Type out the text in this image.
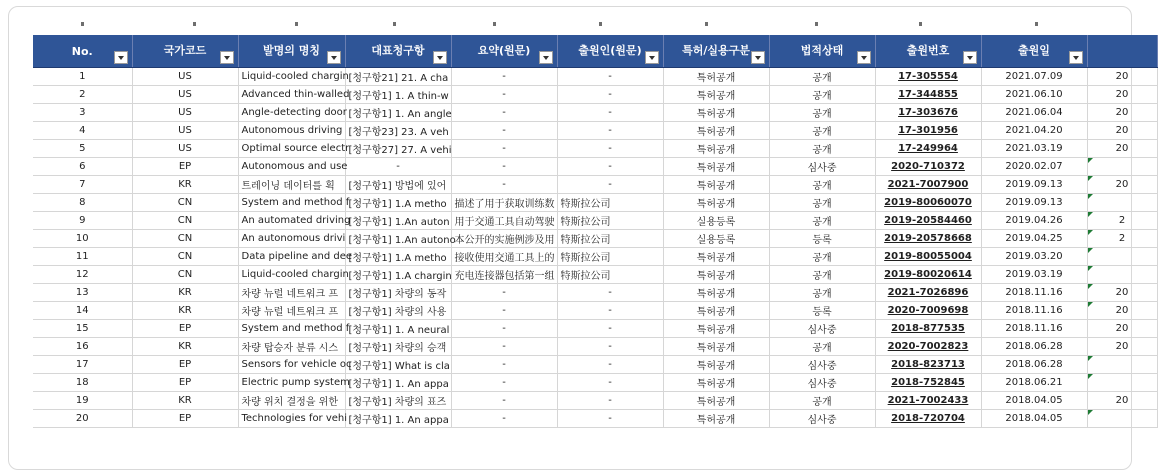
No.	국가코드	발명의 명칭	대표청구항	요약(원문)	출원인(원문)	특허/실용구분	법적상태	출원번호	출원일

1	US	Liquid-cooled chargin	[청구항21] 21. A cha	-	-	특허공개	공개	17-305554	2021.07.09	20
2	US	Advanced thin-walled	[청구항1] 1. A thin-w	-	-	특허공개	공개	17-344855	2021.06.10	20
3	US	Angle-detecting door	[청구항1] 1. An angle	-	-	특허공개	공개	17-303676	2021.06.04	20
4	US	Autonomous driving	[청구항23] 23. A veh	-	-	특허공개	공개	17-301956	2021.04.20	20
5	US	Optimal source electr	[청구항27] 27. A vehi	-	-	특허공개	공개	17-249964	2021.03.19	20
6	EP	Autonomous and use	-	-	-	특허공개	심사중	2020-710372	2020.02.07	

7	KR	트레이닝 데이터를 획	[청구항1] 방법에 있어	-	-	특허공개	공개	2021-7007900	2019.09.13	20
8	CN	System and method f	[청구항1] 1.A metho	描述了用于获取训练数	特斯拉公司	특허공개	공개	2019-80060070	2019.09.13	

9	CN	An automated driving	[청구항1] 1.An auton	用于交通工具自动驾驶	特斯拉公司	실용등록	공개	2019-20584460	2019.04.26	2
10	CN	An autonomous drivi	[청구항1] 1.An autono	本公开的实施例涉及用	特斯拉公司	실용등록	등록	2019-20578668	2019.04.25	2
11	CN	Data pipeline and dee	[청구항1] 1.A metho	接收使用交通工具上的	特斯拉公司	특허공개	공개	2019-80055004	2019.03.20	

12	CN	Liquid-cooled chargin	[청구항1] 1.A chargin	充电连接器包括第一组	特斯拉公司	특허공개	공개	2019-80020614	2019.03.19	

13	KR	차량 뉴럴 네트워크 프	[청구항1] 차량의 동작	-	-	특허공개	공개	2021-7026896	2018.11.16	20
14	KR	차량 뉴럴 네트워크 프	[청구항1] 차량의 사용	-	-	특허공개	등록	2020-7009698	2018.11.16	20
15	EP	System and method f	[청구항1] 1. A neural	-	-	특허공개	심사중	2018-877535	2018.11.16	20
16	KR	차량 탑승자 분류 시스	[청구항1] 차량의 승객	-	-	특허공개	공개	2020-7002823	2018.06.28	20
17	EP	Sensors for vehicle oc	[청구항1] What is cla	-	-	특허공개	심사중	2018-823713	2018.06.28	

18	EP	Electric pump system	[청구항1] 1. An appa	-	-	특허공개	심사중	2018-752845	2018.06.21	

19	KR	차량 위치 결정을 위한	[청구항1] 차량의 표즈	-	-	특허공개	공개	2021-7002433	2018.04.05	20
20	EP	Technologies for vehi	[청구항1] 1. An appa	-	-	특허공개	심사중	2018-720704	2018.04.05	
